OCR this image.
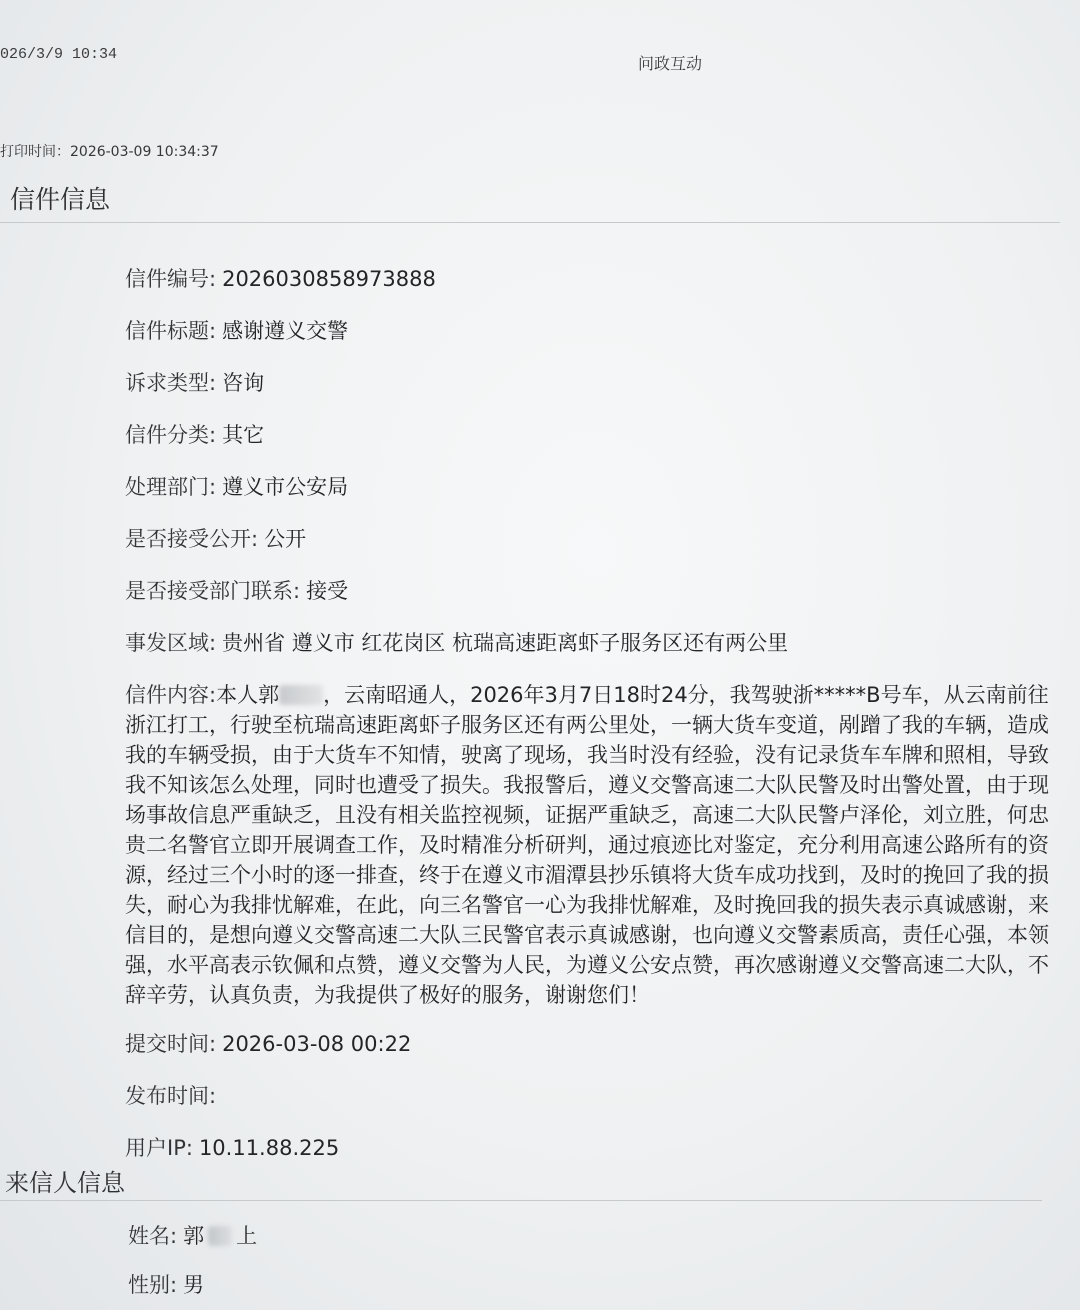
026/3/9 10:34	问政互动
打印时间：2026-03-09 10:34:37
信件信息
信件编号: 2026030858973888
信件标题: 感谢遵义交警
诉求类型: 咨询
信件分类: 其它
处理部门: 遵义市公安局
是否接受公开: 公开
是否接受部门联系: 接受
事发区域: 贵州省 遵义市 红花岗区 杭瑞高速距离虾子服务区还有两公里
信件内容:本人郭 ，云南昭通人，2026年3月7日18时24分，我驾驶浙*****B号车，从云南前往
浙江打工，行驶至杭瑞高速距离虾子服务区还有两公里处，一辆大货车变道，剐蹭了我的车辆，造成
我的车辆受损，由于大货车不知情，驶离了现场，我当时没有经验，没有记录货车车牌和照相，导致
我不知该怎么处理，同时也遭受了损失。我报警后，遵义交警高速二大队民警及时出警处置，由于现
场事故信息严重缺乏，且没有相关监控视频，证据严重缺乏，高速二大队民警卢泽伦，刘立胜，何忠
贵二名警官立即开展调查工作，及时精准分析研判，通过痕迹比对鉴定，充分利用高速公路所有的资
源，经过三个小时的逐一排查，终于在遵义市湄潭县抄乐镇将大货车成功找到，及时的挽回了我的损
失，耐心为我排忧解难，在此，向三名警官一心为我排忧解难，及时挽回我的损失表示真诚感谢，来
信目的，是想向遵义交警高速二大队三民警官表示真诚感谢，也向遵义交警素质高，责任心强，本领
强，水平高表示钦佩和点赞，遵义交警为人民，为遵义公安点赞，再次感谢遵义交警高速二大队，不
辞辛劳，认真负责，为我提供了极好的服务，谢谢您们！
提交时间: 2026-03-08 00:22
发布时间:
用户IP: 10.11.88.225
来信人信息
姓名: 郭 上
性别: 男
